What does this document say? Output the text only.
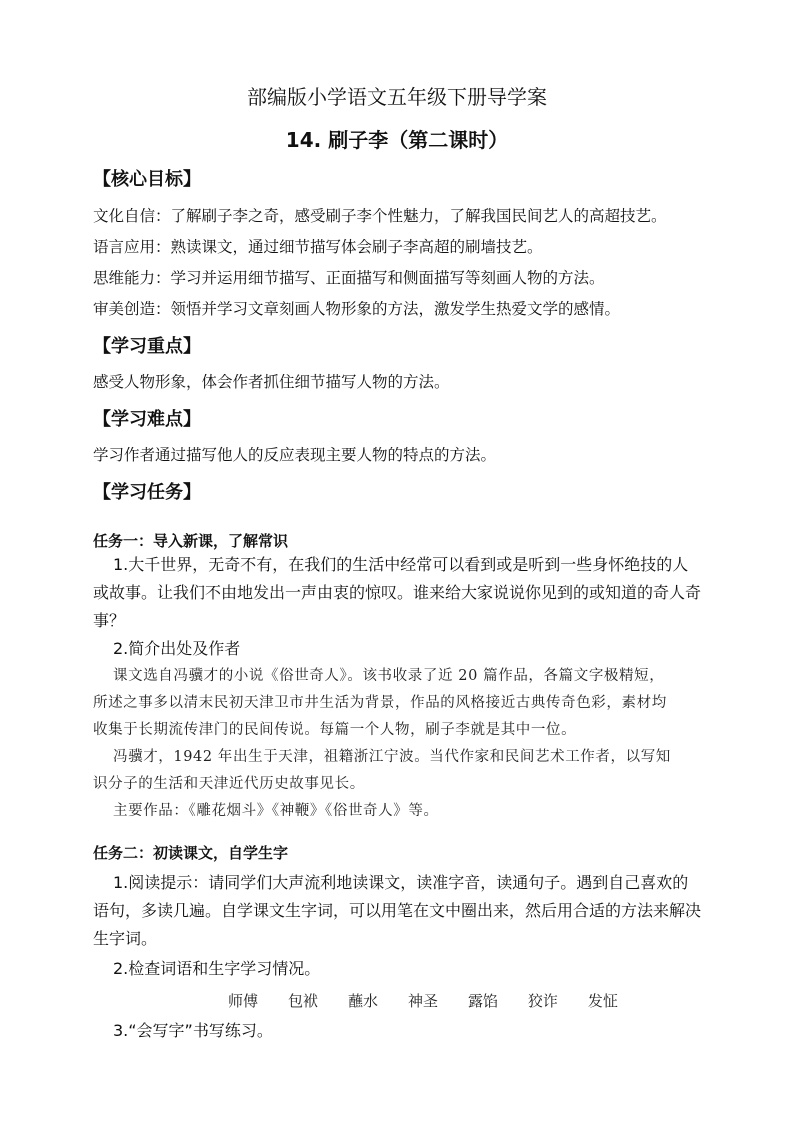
部编版小学语文五年级下册导学案
14. 刷子李（第二课时）
【核心目标】
文化自信：了解刷子李之奇，感受刷子李个性魅力，了解我国民间艺人的高超技艺。
语言应用：熟读课文，通过细节描写体会刷子李高超的刷墙技艺。
思维能力：学习并运用细节描写、正面描写和侧面描写等刻画人物的方法。
审美创造：领悟并学习文章刻画人物形象的方法，激发学生热爱文学的感情。
【学习重点】
感受人物形象，体会作者抓住细节描写人物的方法。
【学习难点】
学习作者通过描写他人的反应表现主要人物的特点的方法。
【学习任务】
任务一：导入新课，了解常识
1.大千世界，无奇不有，在我们的生活中经常可以看到或是听到一些身怀绝技的人
或故事。让我们不由地发出一声由衷的惊叹。谁来给大家说说你见到的或知道的奇人奇
事？
2.简介出处及作者
课文选自冯骥才的小说《俗世奇人》。该书收录了近 20 篇作品，各篇文字极精短，
所述之事多以清末民初天津卫市井生活为背景，作品的风格接近古典传奇色彩，素材均
收集于长期流传津门的民间传说。每篇一个人物，刷子李就是其中一位。
冯骥才，1942 年出生于天津，祖籍浙江宁波。当代作家和民间艺术工作者，以写知
识分子的生活和天津近代历史故事见长。
主要作品：《雕花烟斗》《神鞭》《俗世奇人》等。
任务二：初读课文，自学生字
1.阅读提示：请同学们大声流利地读课文，读准字音，读通句子。遇到自己喜欢的
语句，多读几遍。自学课文生字词，可以用笔在文中圈出来，然后用合适的方法来解决
生字词。
2.检查词语和生字学习情况。
师傅 包袱 蘸水 神圣 露馅 狡诈 发怔
3.“会写字”书写练习。
